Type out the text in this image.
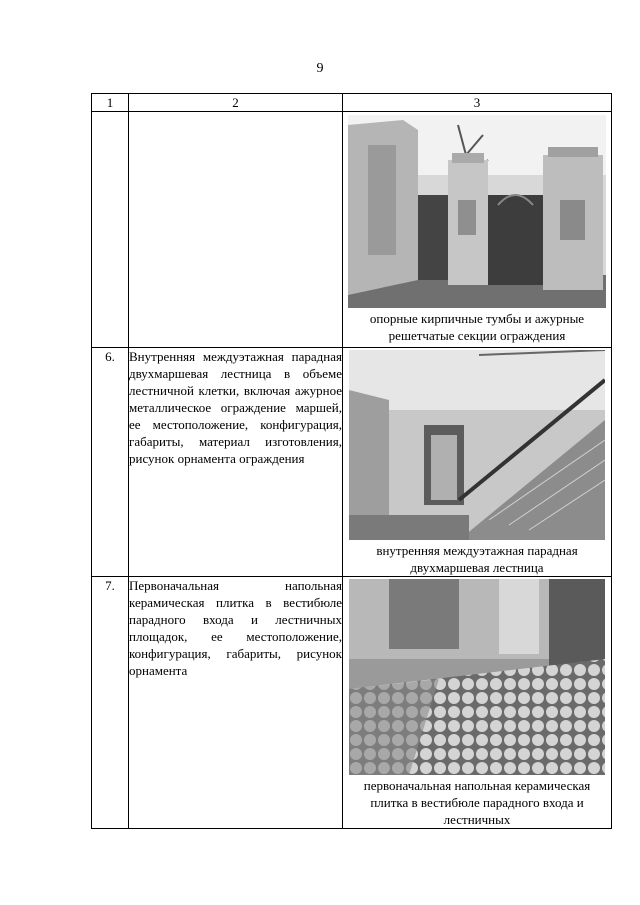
9
1	2	3

		опорные кирпичные тумбы и ажурные решетчатые секции ограждения

6.	Внутренняя междуэтажная парадная двухмаршевая лестница в объеме лестничной клетки, включая ажурное металлическое ограждение маршей, ее местоположение, конфигурация, габариты, материал изготовления, рисунок орнамента ограждения	внутренняя междуэтажная парадная двухмаршевая лестница

7.	Первоначальная напольная керамическая плитка в вестибюле парадного входа и лестничных площадок, ее местоположение, конфигурация, габариты, рисунок орнамента	первоначальная напольная керамическая плитка в вестибюле парадного входа и лестничных
